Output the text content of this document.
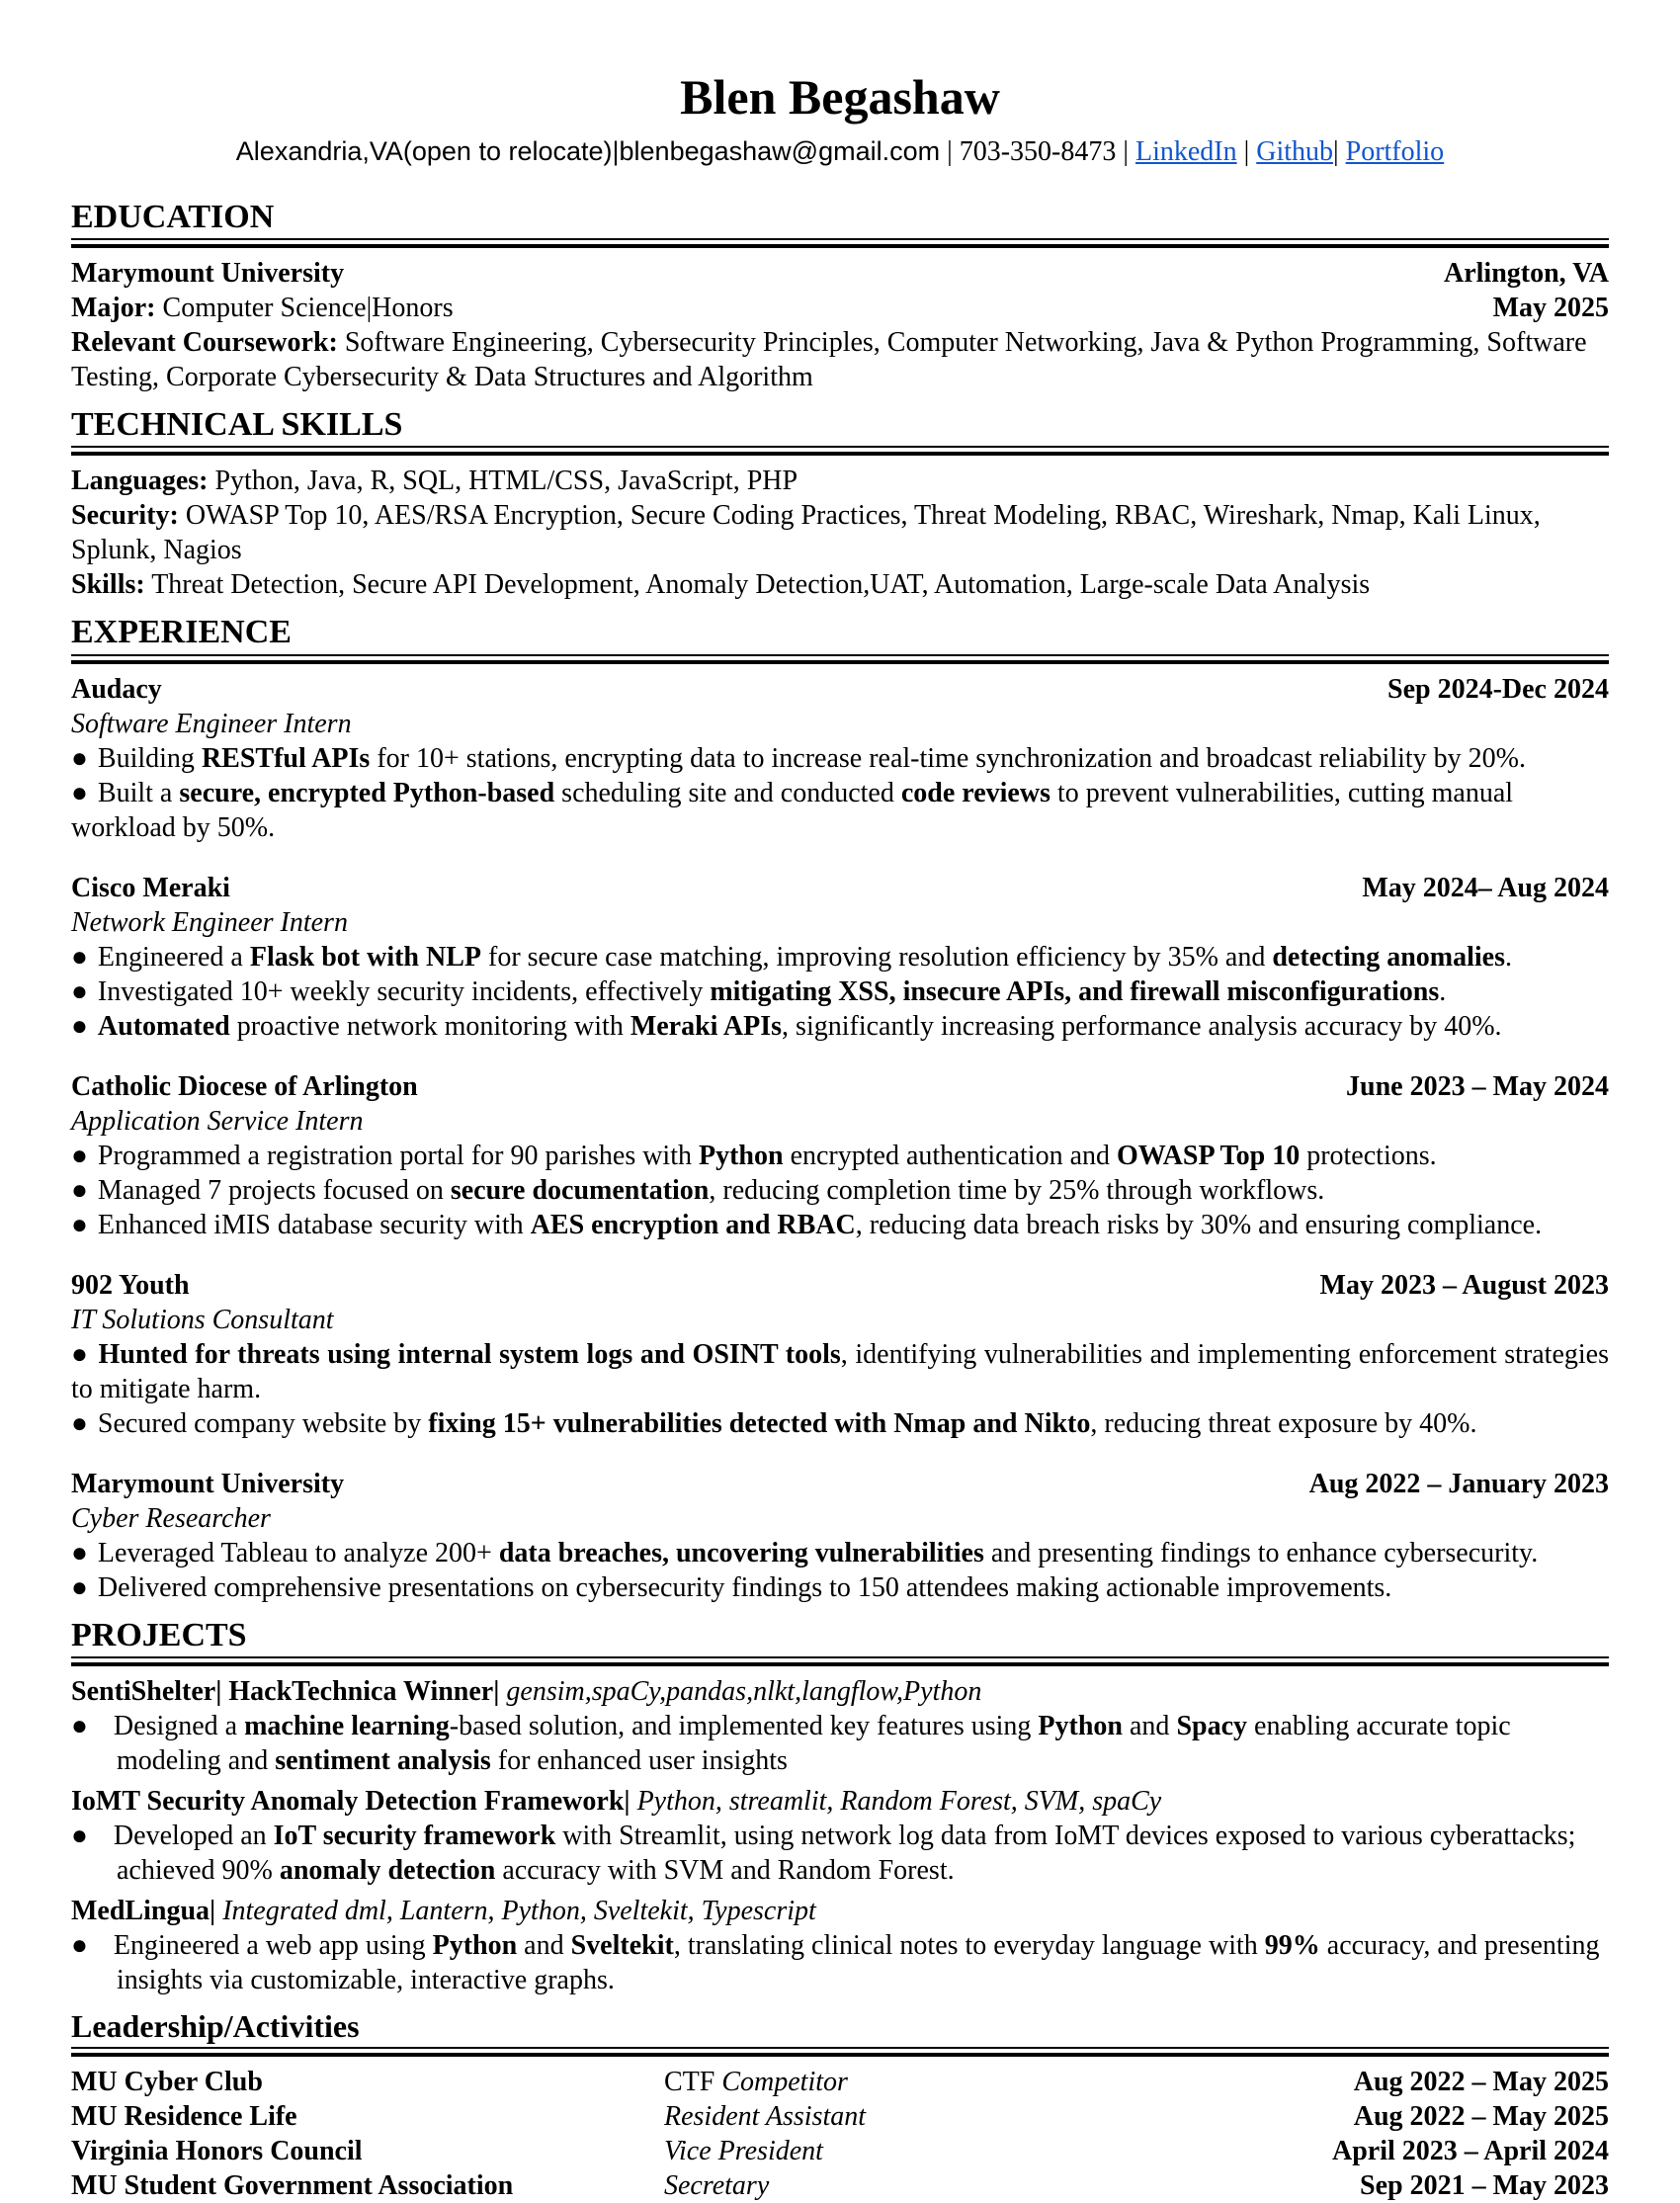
Blen Begashaw
Alexandria,VA(open to relocate)|blenbegashaw@gmail.com | 703-350-8473 | LinkedIn | Github| Portfolio
EDUCATION
Marymount University	Arlington, VA
Major: Computer Science|Honors	May 2025
Relevant Coursework: Software Engineering, Cybersecurity Principles, Computer Networking, Java & Python Programming, Software Testing, Corporate Cybersecurity & Data Structures and Algorithm
TECHNICAL SKILLS
Languages: Python, Java, R, SQL, HTML/CSS, JavaScript, PHP
Security: OWASP Top 10, AES/RSA Encryption, Secure Coding Practices, Threat Modeling, RBAC, Wireshark, Nmap, Kali Linux, Splunk, Nagios
Skills: Threat Detection, Secure API Development, Anomaly Detection,UAT, Automation, Large-scale Data Analysis
EXPERIENCE
Audacy	Sep 2024-Dec 2024
Software Engineer Intern
● Building RESTful APIs for 10+ stations, encrypting data to increase real-time synchronization and broadcast reliability by 20%.
● Built a secure, encrypted Python-based scheduling site and conducted code reviews to prevent vulnerabilities, cutting manual workload by 50%.
Cisco Meraki	May 2024– Aug 2024
Network Engineer Intern
● Engineered a Flask bot with NLP for secure case matching, improving resolution efficiency by 35% and detecting anomalies.
● Investigated 10+ weekly security incidents, effectively mitigating XSS, insecure APIs, and firewall misconfigurations.
● Automated proactive network monitoring with Meraki APIs, significantly increasing performance analysis accuracy by 40%.
Catholic Diocese of Arlington	June 2023 – May 2024
Application Service Intern
● Programmed a registration portal for 90 parishes with Python encrypted authentication and OWASP Top 10 protections.
● Managed 7 projects focused on secure documentation, reducing completion time by 25% through workflows.
● Enhanced iMIS database security with AES encryption and RBAC, reducing data breach risks by 30% and ensuring compliance.
902 Youth	May 2023 – August 2023
IT Solutions Consultant
● Hunted for threats using internal system logs and OSINT tools, identifying vulnerabilities and implementing enforcement strategies to mitigate harm.
● Secured company website by fixing 15+ vulnerabilities detected with Nmap and Nikto, reducing threat exposure by 40%.
Marymount University	Aug 2022 – January 2023
Cyber Researcher
● Leveraged Tableau to analyze 200+ data breaches, uncovering vulnerabilities and presenting findings to enhance cybersecurity.
● Delivered comprehensive presentations on cybersecurity findings to 150 attendees making actionable improvements.
PROJECTS
SentiShelter| HackTechnica Winner| gensim,spaCy,pandas,nlkt,langflow,Python
● Designed a machine learning-based solution, and implemented key features using Python and Spacy enabling accurate topic modeling and sentiment analysis for enhanced user insights
IoMT Security Anomaly Detection Framework| Python, streamlit, Random Forest, SVM, spaCy
● Developed an IoT security framework with Streamlit, using network log data from IoMT devices exposed to various cyberattacks; achieved 90% anomaly detection accuracy with SVM and Random Forest.
MedLingua| Integrated dml, Lantern, Python, Sveltekit, Typescript
● Engineered a web app using Python and Sveltekit, translating clinical notes to everyday language with 99% accuracy, and presenting insights via customizable, interactive graphs.
Leadership/Activities
MU Cyber Club	CTF Competitor	Aug 2022 – May 2025
MU Residence Life	Resident Assistant	Aug 2022 – May 2025
Virginia Honors Council	Vice President	April 2023 – April 2024
MU Student Government Association	Secretary	Sep 2021 – May 2023
